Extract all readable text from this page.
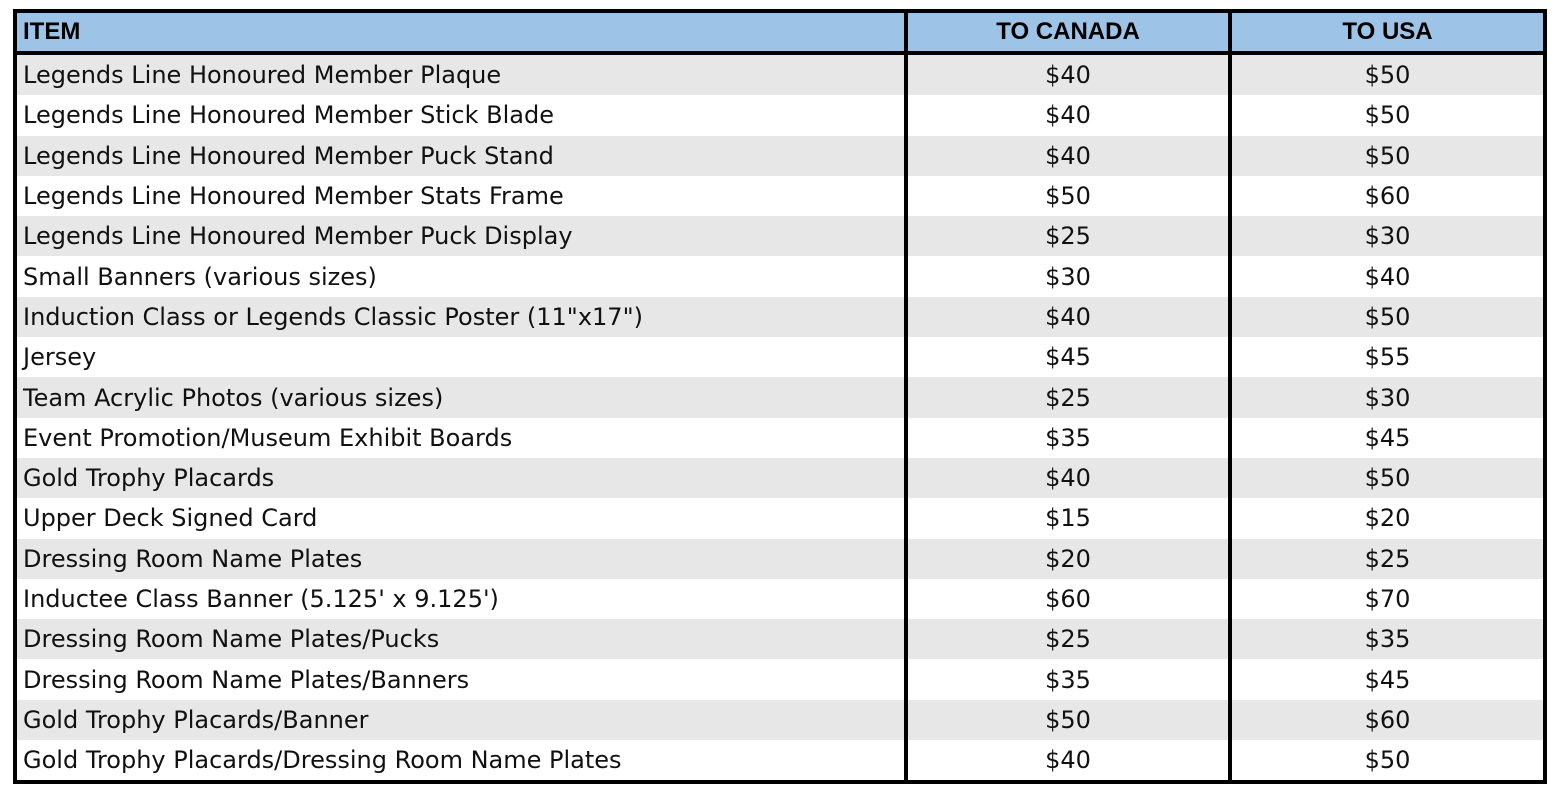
ITEM	TO CANADA	TO USA
Legends Line Honoured Member Plaque	$40	$50
Legends Line Honoured Member Stick Blade	$40	$50
Legends Line Honoured Member Puck Stand	$40	$50
Legends Line Honoured Member Stats Frame	$50	$60
Legends Line Honoured Member Puck Display	$25	$30
Small Banners (various sizes)	$30	$40
Induction Class or Legends Classic Poster (11"x17")	$40	$50
Jersey	$45	$55
Team Acrylic Photos (various sizes)	$25	$30
Event Promotion/Museum Exhibit Boards	$35	$45
Gold Trophy Placards	$40	$50
Upper Deck Signed Card	$15	$20
Dressing Room Name Plates	$20	$25
Inductee Class Banner (5.125' x 9.125')	$60	$70
Dressing Room Name Plates/Pucks	$25	$35
Dressing Room Name Plates/Banners	$35	$45
Gold Trophy Placards/Banner	$50	$60
Gold Trophy Placards/Dressing Room Name Plates	$40	$50
